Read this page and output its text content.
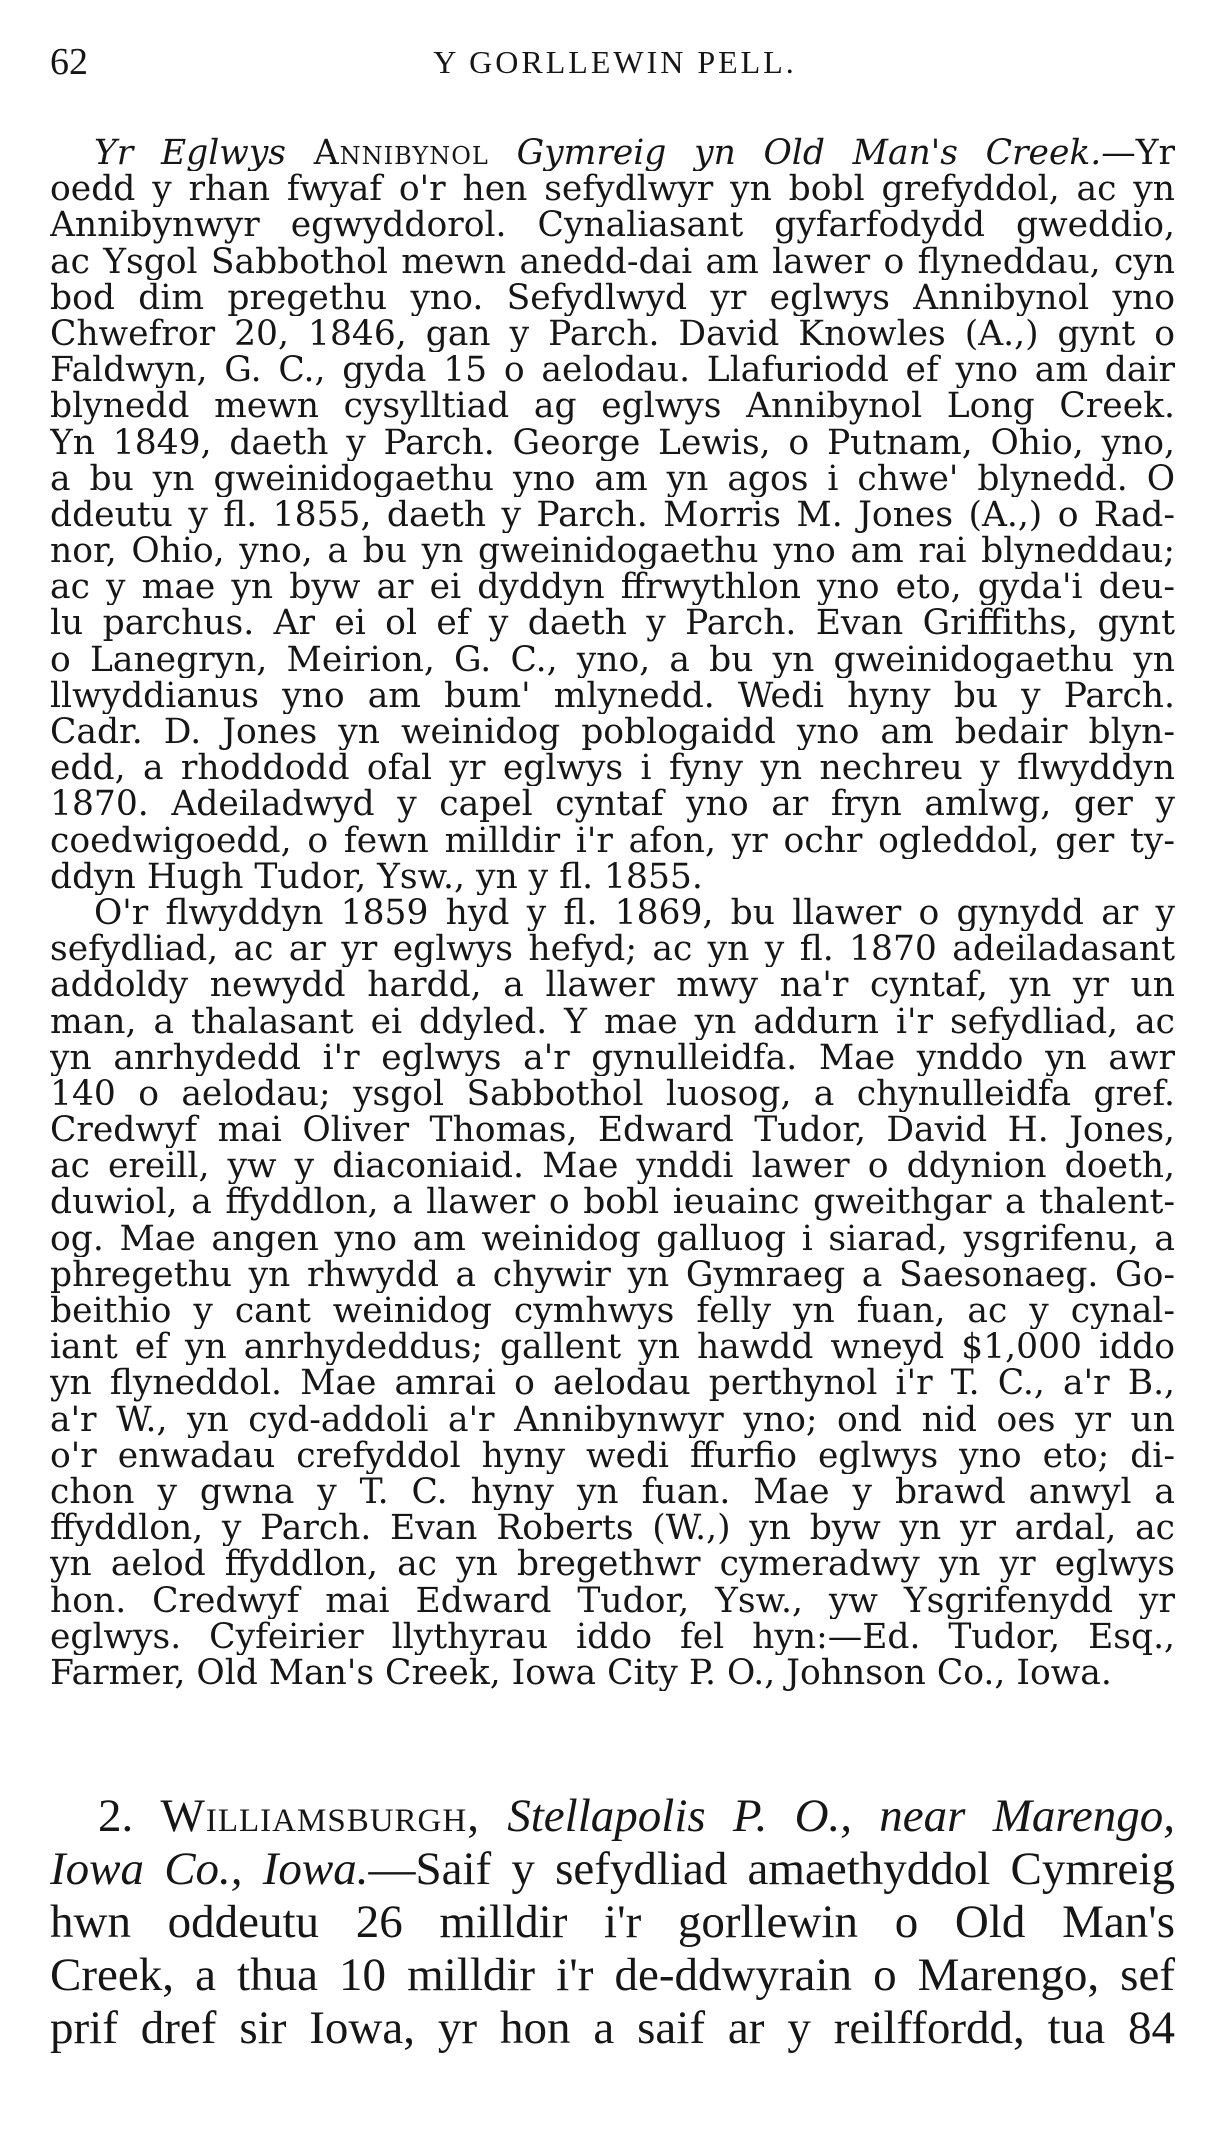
62	Y GORLLEWIN PELL.
Yr Eglwys Annibynol Gymreig yn Old Man's Creek.—Yr
oedd y rhan fwyaf o'r hen sefydlwyr yn bobl grefyddol, ac yn
Annibynwyr egwyddorol. Cynaliasant gyfarfodydd gweddio,
ac Ysgol Sabbothol mewn anedd-dai am lawer o flyneddau, cyn
bod dim pregethu yno. Sefydlwyd yr eglwys Annibynol yno
Chwefror 20, 1846, gan y Parch. David Knowles (A.,) gynt o
Faldwyn, G. C., gyda 15 o aelodau. Llafuriodd ef yno am dair
blynedd mewn cysylltiad ag eglwys Annibynol Long Creek.
Yn 1849, daeth y Parch. George Lewis, o Putnam, Ohio, yno,
a bu yn gweinidogaethu yno am yn agos i chwe' blynedd. O
ddeutu y fl. 1855, daeth y Parch. Morris M. Jones (A.,) o Rad-
nor, Ohio, yno, a bu yn gweinidogaethu yno am rai blyneddau;
ac y mae yn byw ar ei dyddyn ffrwythlon yno eto, gyda'i deu-
lu parchus. Ar ei ol ef y daeth y Parch. Evan Griffiths, gynt
o Lanegryn, Meirion, G. C., yno, a bu yn gweinidogaethu yn
llwyddianus yno am bum' mlynedd. Wedi hyny bu y Parch.
Cadr. D. Jones yn weinidog poblogaidd yno am bedair blyn-
edd, a rhoddodd ofal yr eglwys i fyny yn nechreu y flwyddyn
1870. Adeiladwyd y capel cyntaf yno ar fryn amlwg, ger y
coedwigoedd, o fewn milldir i'r afon, yr ochr ogleddol, ger ty-
ddyn Hugh Tudor, Ysw., yn y fl. 1855.
O'r flwyddyn 1859 hyd y fl. 1869, bu llawer o gynydd ar y
sefydliad, ac ar yr eglwys hefyd; ac yn y fl. 1870 adeiladasant
addoldy newydd hardd, a llawer mwy na'r cyntaf, yn yr un
man, a thalasant ei ddyled. Y mae yn addurn i'r sefydliad, ac
yn anrhydedd i'r eglwys a'r gynulleidfa. Mae ynddo yn awr
140 o aelodau; ysgol Sabbothol luosog, a chynulleidfa gref.
Credwyf mai Oliver Thomas, Edward Tudor, David H. Jones,
ac ereill, yw y diaconiaid. Mae ynddi lawer o ddynion doeth,
duwiol, a ffyddlon, a llawer o bobl ieuainc gweithgar a thalent-
og. Mae angen yno am weinidog galluog i siarad, ysgrifenu, a
phregethu yn rhwydd a chywir yn Gymraeg a Saesonaeg. Go-
beithio y cant weinidog cymhwys felly yn fuan, ac y cynal-
iant ef yn anrhydeddus; gallent yn hawdd wneyd $1,000 iddo
yn flyneddol. Mae amrai o aelodau perthynol i'r T. C., a'r B.,
a'r W., yn cyd-addoli a'r Annibynwyr yno; ond nid oes yr un
o'r enwadau crefyddol hyny wedi ffurfio eglwys yno eto; di-
chon y gwna y T. C. hyny yn fuan. Mae y brawd anwyl a
ffyddlon, y Parch. Evan Roberts (W.,) yn byw yn yr ardal, ac
yn aelod ffyddlon, ac yn bregethwr cymeradwy yn yr eglwys
hon. Credwyf mai Edward Tudor, Ysw., yw Ysgrifenydd yr
eglwys. Cyfeirier llythyrau iddo fel hyn:—Ed. Tudor, Esq.,
Farmer, Old Man's Creek, Iowa City P. O., Johnson Co., Iowa.
2. Williamsburgh, Stellapolis P. O., near Marengo,
Iowa Co., Iowa.—Saif y sefydliad amaethyddol Cymreig
hwn oddeutu 26 milldir i'r gorllewin o Old Man's
Creek, a thua 10 milldir i'r de-ddwyrain o Marengo, sef
prif dref sir Iowa, yr hon a saif ar y reilffordd, tua 84
